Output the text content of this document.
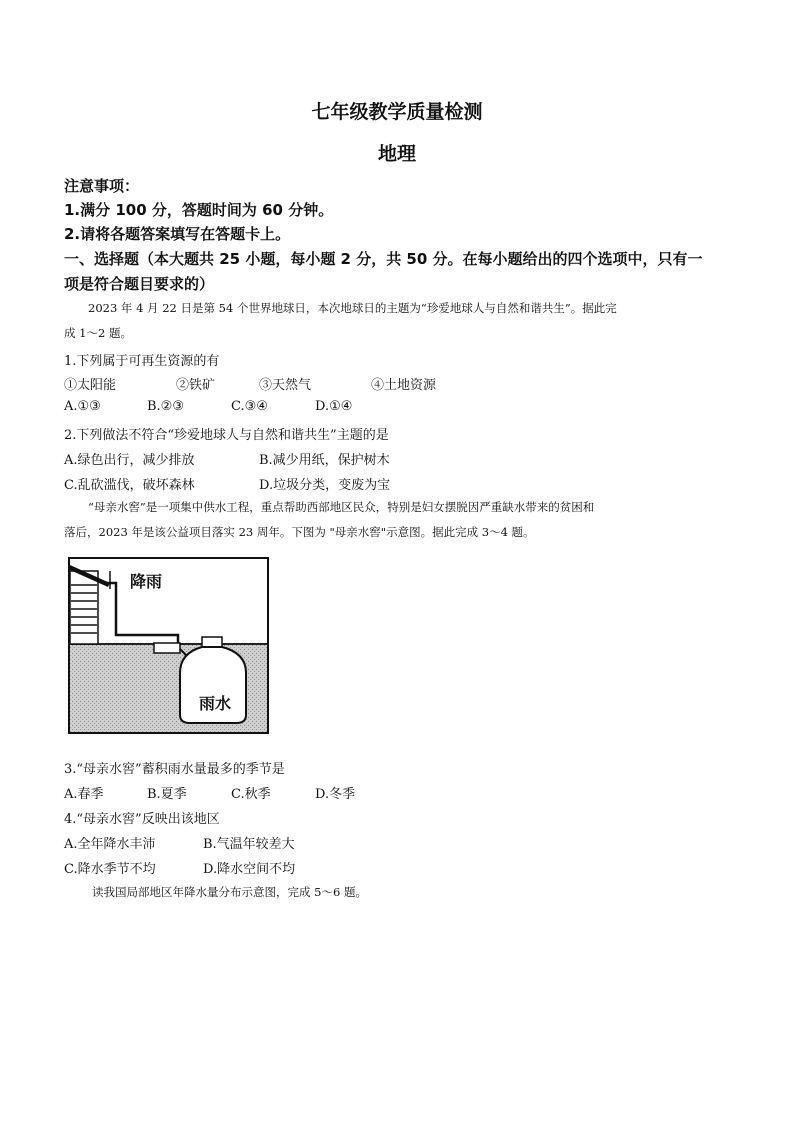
七年级教学质量检测
地理
注意事项：
1.满分 100 分，答题时间为 60 分钟。
2.请将各题答案填写在答题卡上。
一、选择题（本大题共 25 小题，每小题 2 分，共 50 分。在每小题给出的四个选项中，只有一
项是符合题目要求的）
2023 年 4 月 22 日是第 54 个世界地球日，本次地球日的主题为“珍爱地球人与自然和谐共生”。据此完
成 1～2 题。
1.下列属于可再生资源的有
①太阳能	②铁矿	③天然气	④土地资源
A.①③	B.②③	C.③④	D.①④
2.下列做法不符合“珍爱地球人与自然和谐共生”主题的是
A.绿色出行，减少排放	B.减少用纸，保护树木
C.乱砍滥伐，破坏森林	D.垃圾分类，变废为宝
“母亲水窖”是一项集中供水工程，重点帮助西部地区民众，特别是妇女摆脱因严重缺水带来的贫困和
落后，2023 年是该公益项目落实 23 周年。下图为 "母亲水窖"示意图。据此完成 3～4 题。
降雨
雨水
3.“母亲水窖”蓄积雨水量最多的季节是
A.春季	B.夏季	C.秋季	D.冬季
4.“母亲水窖”反映出该地区
A.全年降水丰沛	B.气温年较差大
C.降水季节不均	D.降水空间不均
读我国局部地区年降水量分布示意图，完成 5～6 题。
